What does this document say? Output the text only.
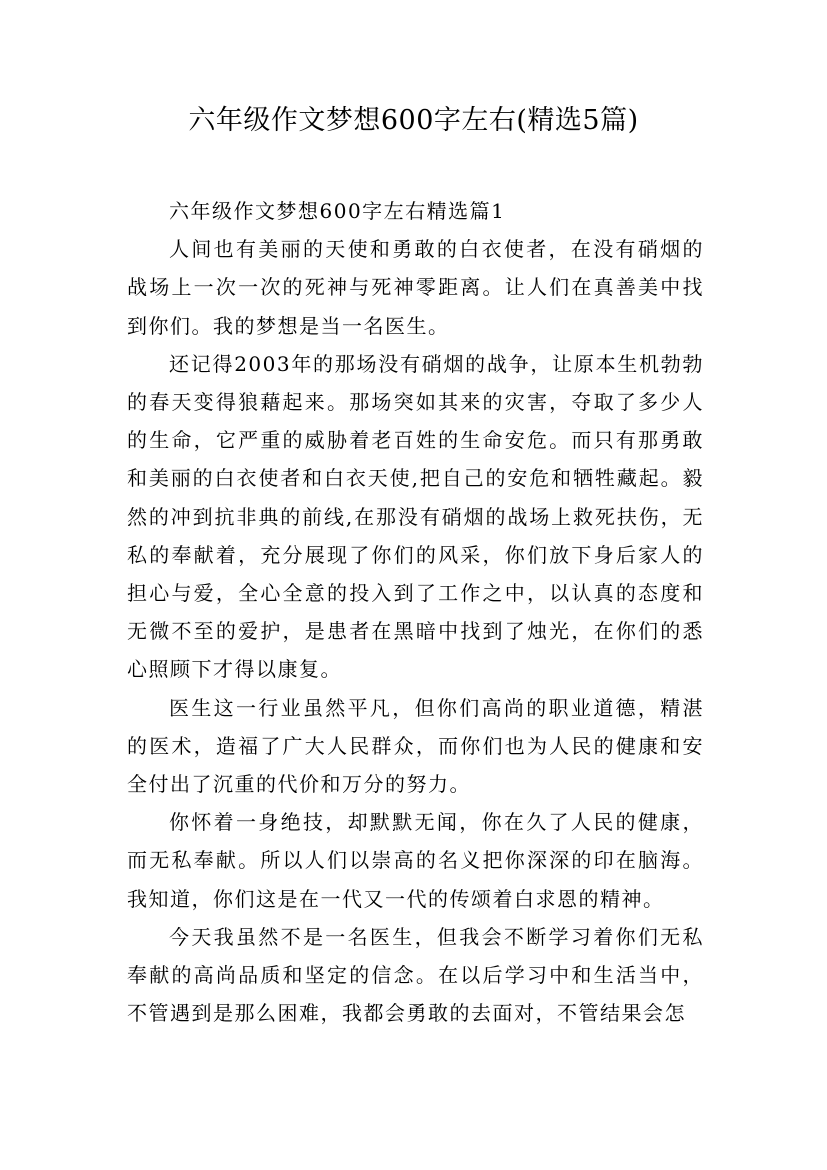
六年级作文梦想600字左右(精选5篇)

六年级作文梦想600字左右精选篇1

人间也有美丽的天使和勇敢的白衣使者，在没有硝烟的战场上一次一次的死神与死神零距离。让人们在真善美中找到你们。我的梦想是当一名医生。

还记得2003年的那场没有硝烟的战争，让原本生机勃勃的春天变得狼藉起来。那场突如其来的灾害，夺取了多少人的生命，它严重的威胁着老百姓的生命安危。而只有那勇敢和美丽的白衣使者和白衣天使,把自己的安危和牺牲藏起。毅然的冲到抗非典的前线,在那没有硝烟的战场上救死扶伤，无私的奉献着，充分展现了你们的风采，你们放下身后家人的担心与爱，全心全意的投入到了工作之中，以认真的态度和无微不至的爱护，是患者在黑暗中找到了烛光，在你们的悉心照顾下才得以康复。

医生这一行业虽然平凡，但你们高尚的职业道德，精湛的医术，造福了广大人民群众，而你们也为人民的健康和安全付出了沉重的代价和万分的努力。

你怀着一身绝技，却默默无闻，你在久了人民的健康，而无私奉献。所以人们以崇高的名义把你深深的印在脑海。我知道，你们这是在一代又一代的传颂着白求恩的精神。

今天我虽然不是一名医生，但我会不断学习着你们无私奉献的高尚品质和坚定的信念。在以后学习中和生活当中，不管遇到是那么困难，我都会勇敢的去面对，不管结果会怎
